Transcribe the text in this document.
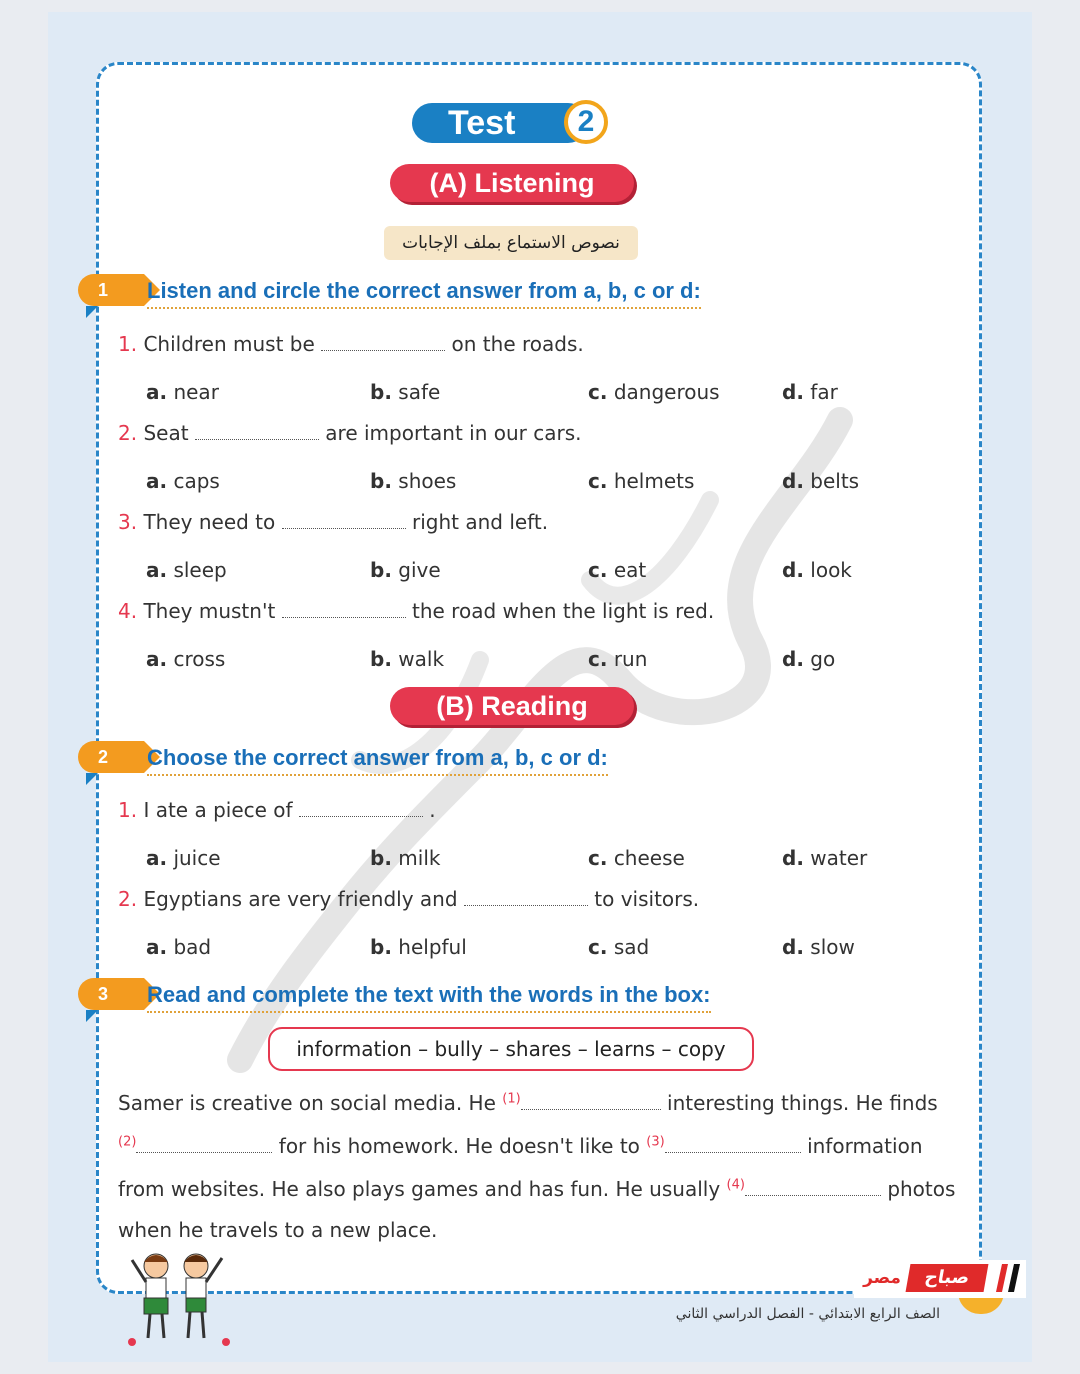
Test	2
(A) Listening
نصوص الاستماع بملف الإجابات
1	Listen and circle the correct answer from a, b, c or d:
1. Children must be	on the roads.
a. near	b. safe	c. dangerous	d. far
2. Seat	are important in our cars.
a. caps	b. shoes	c. helmets	d. belts
3. They need to	right and left.
a. sleep	b. give	c. eat	d. look
4. They mustn't	the road when the light is red.
a. cross	b. walk	c. run	d. go
(B) Reading
2	Choose the correct answer from a, b, c or d:
1. I ate a piece of	.
a. juice	b. milk	c. cheese	d. water
2. Egyptians are very friendly and	to visitors.
a. bad	b. helpful	c. sad	d. slow
3	Read and complete the text with the words in the box:
information – bully – shares – learns – copy
Samer is creative on social media. He $^{(1)}$	interesting things. He finds
$^{(2)}$	for his homework. He doesn't like to $^{(3)}$	information
from websites. He also plays games and has fun. He usually $^{(4)}$	photos
when he travels to a new place.
الصف الرابع الابتدائي - الفصل الدراسي الثاني
صباح
مصر
